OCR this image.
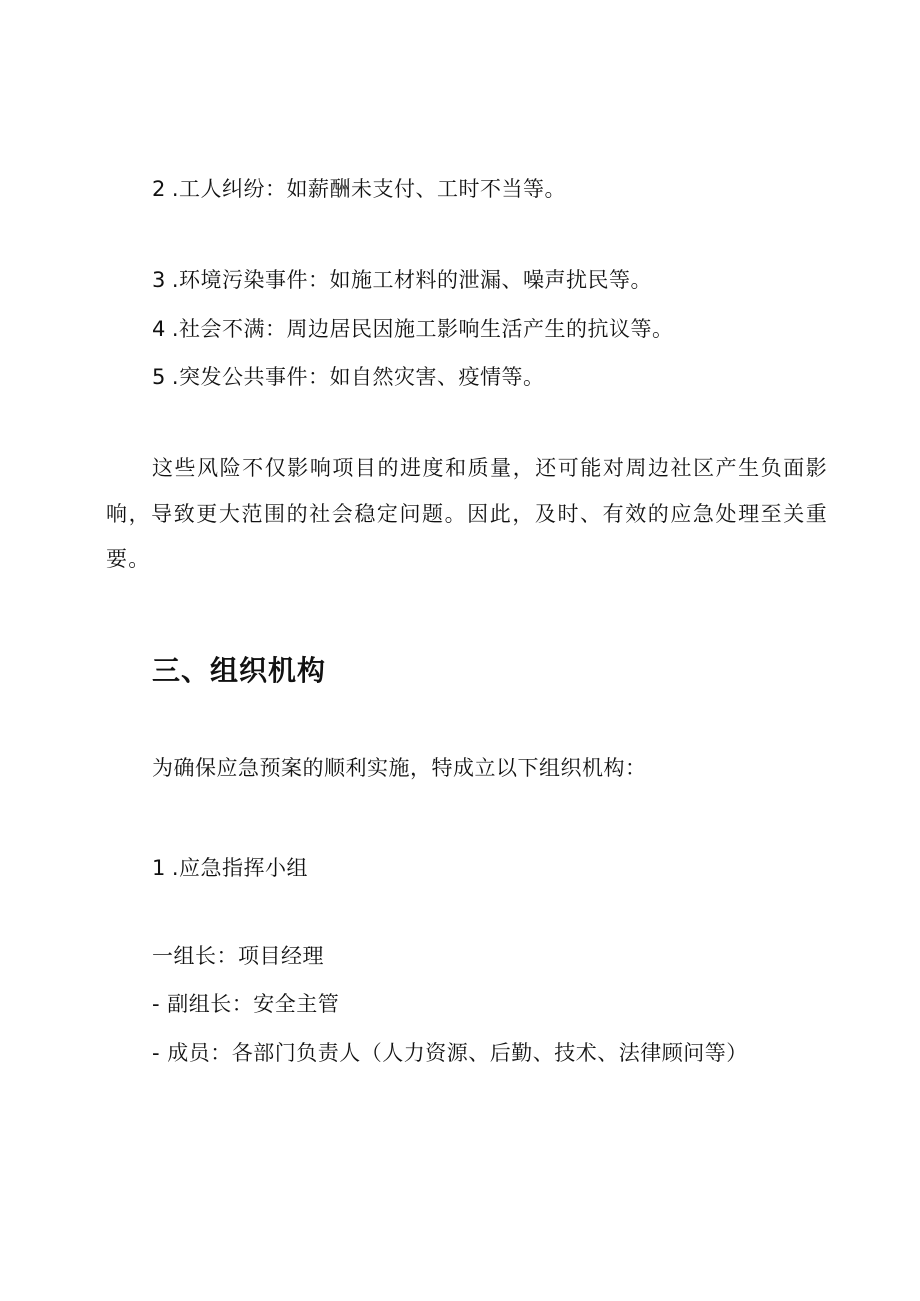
2 .工人纠纷：如薪酬未支付、工时不当等。
3 .环境污染事件：如施工材料的泄漏、噪声扰民等。
4 .社会不满：周边居民因施工影响生活产生的抗议等。
5 .突发公共事件：如自然灾害、疫情等。
这些风险不仅影响项目的进度和质量，还可能对周边社区产生负面影响，导致更大范围的社会稳定问题。因此，及时、有效的应急处理至关重要。
三、组织机构
为确保应急预案的顺利实施，特成立以下组织机构：
1 .应急指挥小组
一组长：项目经理
- 副组长：安全主管
- 成员：各部门负责人（人力资源、后勤、技术、法律顾问等）
